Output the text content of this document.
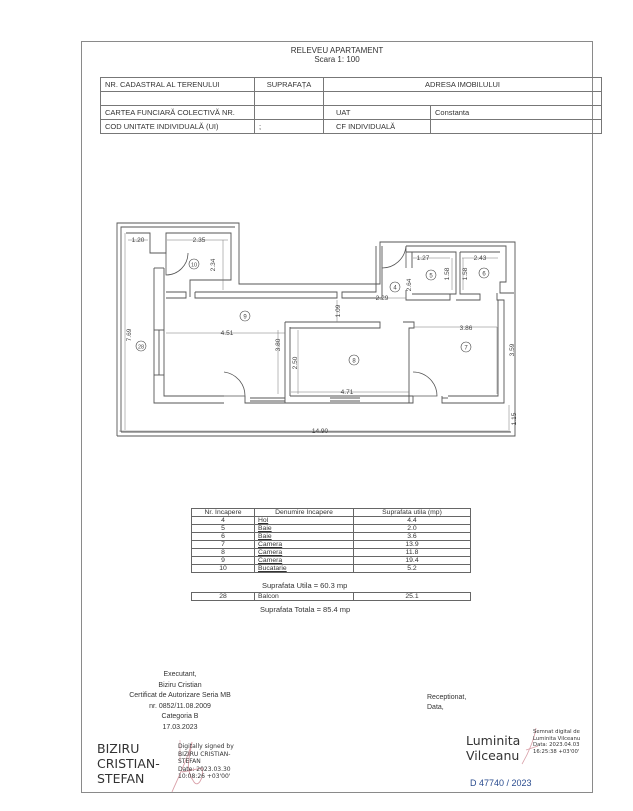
RELEVEU APARTAMENT
Scara 1: 100
NR. CADASTRAL AL TERENULUI	SUPRAFAȚA	ADRESA IMOBILULUI	

CARTEA FUNCIARĂ COLECTIVĂ NR.		UAT	Constanta
COD UNITATE INDIVIDUALĂ (UI)	;	CF INDIVIDUALĂ	
1.20	2.35
2.34
1.27	2.43
1.58 1.58
2.64
2.29
1.09
4.51
3.80
2.50
4.71
3.86
3.59
7.69
14.90
1.15
10
9
8
7
4
5	6
28
Nr. Incapere	Denumire Incapere	Suprafata utila (mp)
4	Hol	4.4
5	Baie	2.0
6	Baie	3.6
7	Camera	13.9
8	Camera	11.8
9	Camera	19.4
10	Bucatarie	5.2
Suprafata Utila = 60.3 mp
28	Balcon	25.1
Suprafata Totala = 85.4 mp
Executant,
Biziru Cristian
Certificat de Autorizare Seria MB
nr. 0852/11.08.2009
Categoria B
17.03.2023
BIZIRU
CRISTIAN-
STEFAN
Digitally signed by
BIZIRU CRISTIAN-
STEFAN
Date: 2023.03.30
10:08:26 +03'00'
Receptionat,
Data,
Luminita
Vilceanu
Semnat digital de
Luminita Vilceanu
Data: 2023.04.03
16:25:38 +03'00'
D 47740 / 2023
